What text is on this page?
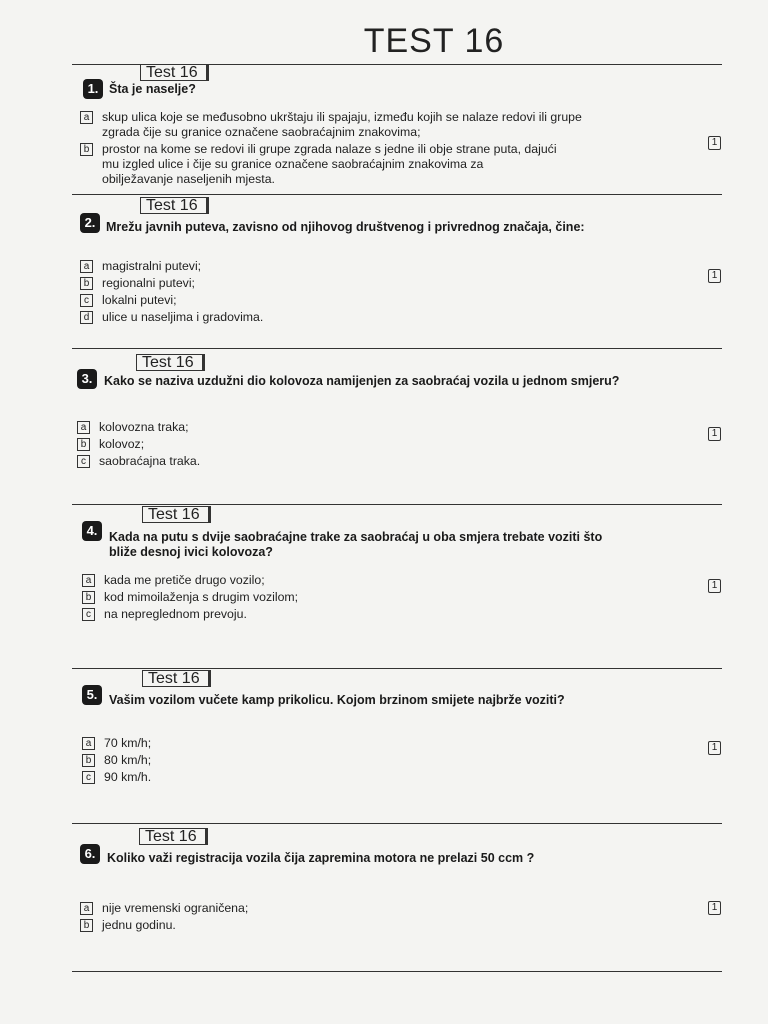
TEST 16
Test 16
1. Šta je naselje?
a	skup ulica koje se međusobno ukrštaju ili spajaju, između kojih se nalaze redovi ili grupe zgrada čije su granice označene saobraćajnim znakovima;
b	prostor na kome se redovi ili grupe zgrada nalaze s jedne ili obje strane puta, dajući mu izgled ulice i čije su granice označene saobraćajnim znakovima za obilježavanje naseljenih mjesta.
1
Test 16
2. Mrežu javnih puteva, zavisno od njihovog društvenog i privrednog značaja, čine:
a	magistralni putevi;
b	regionalni putevi;
c	lokalni putevi;
d	ulice u naseljima i gradovima.
1
Test 16
3. Kako se naziva uzdužni dio kolovoza namijenjen za saobraćaj vozila u jednom smjeru?
a	kolovozna traka;
b	kolovoz;
c	saobraćajna traka.
1
Test 16
4. Kada na putu s dvije saobraćajne trake za saobraćaj u oba smjera trebate voziti što bliže desnoj ivici kolovoza?
a	kada me pretiče drugo vozilo;
b	kod mimoilaženja s drugim vozilom;
c	na nepreglednom prevoju.
1
Test 16
5. Vašim vozilom vučete kamp prikolicu. Kojom brzinom smijete najbrže voziti?
a	70 km/h;
b	80 km/h;
c	90 km/h.
1
Test 16
6. Koliko važi registracija vozila čija zapremina motora ne prelazi 50 ccm ?
a	nije vremenski ograničena;
b	jednu godinu.
1
